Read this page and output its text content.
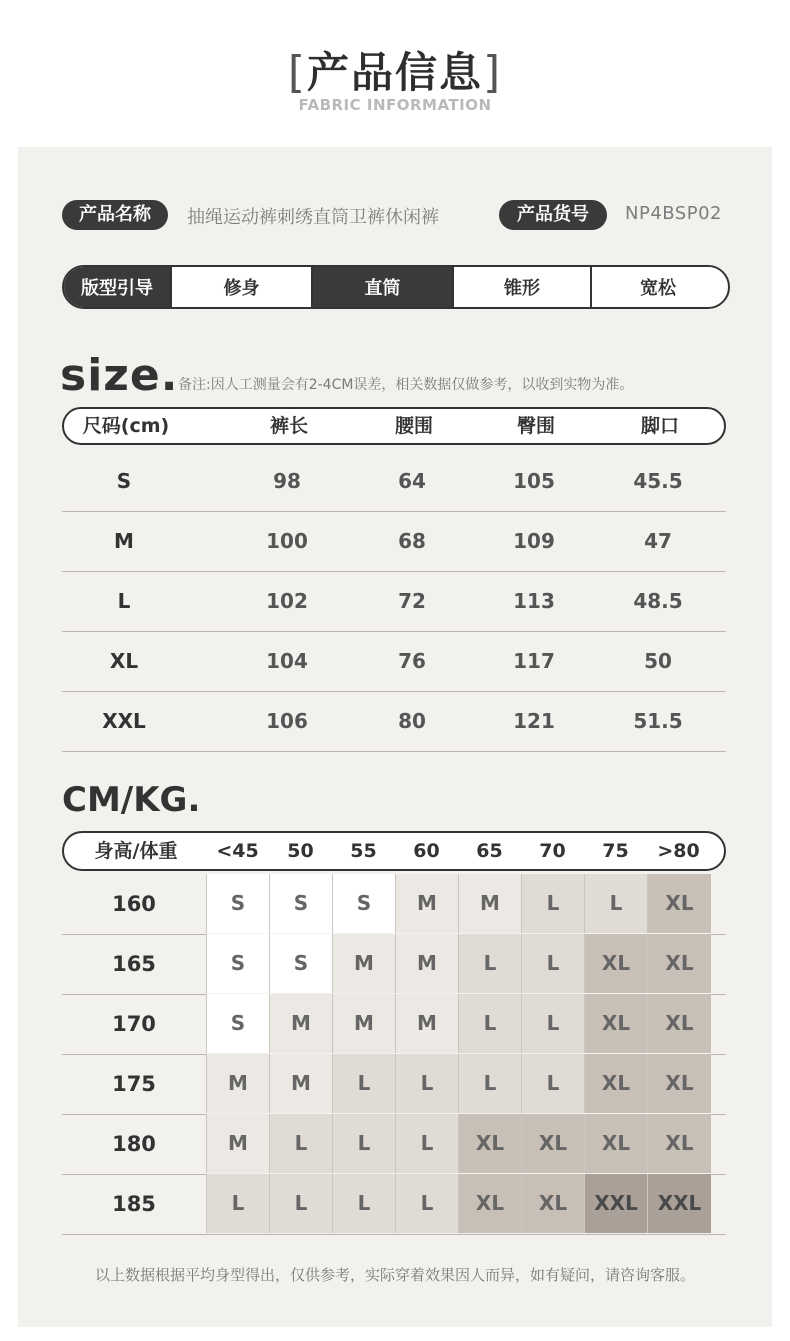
[产品信息]
FABRIC INFORMATION
产品名称	抽绳运动裤刺绣直筒卫裤休闲裤	产品货号	NP4BSP02
版型引导	修身	直筒	锥形	宽松
size. 备注:因人工测量会有2-4CM误差，相关数据仅做参考，以收到实物为准。
尺码(cm)	裤长	腰围	臀围	脚口
S	98	64	105	45.5
M	100	68	109	47
L	102	72	113	48.5
XL	104	76	117	50
XXL	106	80	121	51.5
CM/KG.
身高/体重	<45	50	55	60	65	70	75	>80
160	S	S	S	M	M	L	L	XL
165	S	S	M	M	L	L	XL	XL
170	S	M	M	M	L	L	XL	XL
175	M	M	L	L	L	L	XL	XL
180	M	L	L	L	XL	XL	XL	XL
185	L	L	L	L	XL	XL	XXL XXL
以上数据根据平均身型得出，仅供参考，实际穿着效果因人而异，如有疑问，请咨询客服。
